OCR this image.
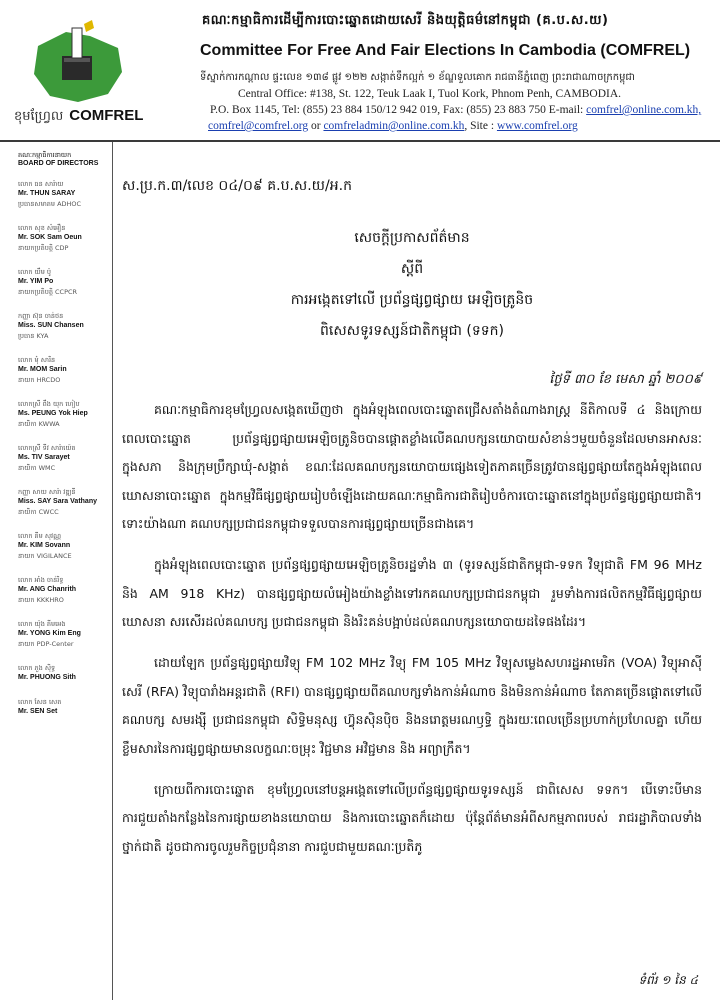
ខុមហ្វ្រែល COMFREL
គណៈកម្មាធិការដើម្បីការបោះឆ្នោតដោយសេរី និងយុត្តិធម៌នៅកម្ពុជា (គ.ប.ស.យ)
Committee For Free And Fair Elections In Cambodia (COMFREL)
ទីស្នាក់ការកណ្តាល ផ្ទះលេខ ១៣៨ ផ្លូវ ១២២ សង្កាត់ទឹកល្អក់ ១ ខ័ណ្ឌទួលគោក រាជធានីភ្នំពេញ ព្រះរាជាណាចក្រកម្ពុជា
Central Office: #138, St. 122, Teuk Laak I, Tuol Kork, Phnom Penh, CAMBODIA.
P.O. Box 1145, Tel: (855) 23 884 150/12 942 019, Fax: (855) 23 883 750 E-mail: comfrel@online.com.kh,
comfrel@comfrel.org or comfreladmin@online.com.kh, Site : www.comfrel.org
គណៈកម្មាធិការនាយក
BOARD OF DIRECTORS
លោក ធន សារ៉ាយ
Mr. THUN SARAY
ប្រធានសមាគម ADHOC
លោក សុខ សំអឿន
Mr. SOK Sam Oeun
នាយកប្រតិបត្តិ CDP
លោក យឹម ប៉ូ
Mr. YIM Po
នាយកប្រតិបត្តិ CCPCR
កញ្ញា ស៊ុន ចាន់ថន
Miss. SUN Chansen
ប្រធាន KYA
លោក មុំ សារិន
Mr. MOM Sarin
នាយក HRCDO
លោកស្រី ពឹង យុក ហៀប
Ms. PEUNG Yok Hiep
នាយិកា KWWA
លោកស្រី ទីវ សារ៉ាយ៉េត
Ms. TIV Sarayet
នាយិកា WMC
កញ្ញា សាយ សារ៉ា វឌ្ឍនី
Miss. SAY Sara Vathany
នាយិកា CWCC
លោក គីម សុវណ្ណ
Mr. KIM Sovann
នាយក VIGILANCE
លោក អាំង ចាន់រិទ្ធ
Mr. ANG Chanrith
នាយក KKKHRO
លោក យ៉ុង គីមអេង
Mr. YONG Kim Eng
នាយក PDP-Center
លោក ភួង ស៊ិទ្ធ
Mr. PHUONG Sith
លោក សែន សេត
Mr. SEN Set
ស.ប្រ.ក.៣/លេខ ០៤/០៩ គ.ប.ស.យ/អ.ក
សេចក្តីប្រកាសព័ត៌មាន
ស្តីពី
ការអង្កេតទៅលើ ប្រព័ន្ធផ្សព្វផ្សាយ អេឡិចត្រូនិច
ពិសេសទូរទស្សន៍ជាតិកម្ពុជា (ទទក)
ថ្ងៃទី ៣០ ខែ មេសា ឆ្នាំ ២០០៩

គណៈកម្មាធិការខុមហ្វ្រែលសង្កេតឃើញថា ក្នុងអំឡុងពេលបោះឆ្នោតជ្រើសតាំងតំណាងរាស្ត្រ នីតិកាលទី ៤ និងក្រោយពេលបោះឆ្នោត ប្រព័ន្ធផ្សព្វផ្សាយអេឡិចត្រូនិចបានផ្តោតខ្លាំងលើគណបក្សនយោបាយសំខាន់ៗមួយចំនួនដែលមានអាសនៈក្នុងសភា និងក្រុមប្រឹក្សាឃុំ-សង្កាត់ ខណៈដែលគណបក្សនយោបាយផ្សេងទៀតភាគច្រើនត្រូវបានផ្សព្វផ្សាយតែក្នុងអំឡុងពេលឃោសនាបោះឆ្នោត ក្នុងកម្មវិធីផ្សព្វផ្សាយរៀបចំឡើងដោយគណៈកម្មាធិការជាតិរៀបចំការបោះឆ្នោតនៅក្នុងប្រព័ន្ធផ្សព្វផ្សាយជាតិ។ ទោះយ៉ាងណា គណបក្សប្រជាជនកម្ពុជាទទួលបានការផ្សព្វផ្សាយច្រើនជាងគេ។

ក្នុងអំឡុងពេលបោះឆ្នោត ប្រព័ន្ធផ្សព្វផ្សាយអេឡិចត្រូនិចរដ្ឋទាំង ៣ (ទូរទស្សន៍ជាតិកម្ពុជា-ទទក វិទ្យុជាតិ FM 96 MHz និង AM 918 KHz) បានផ្សព្វផ្សាយលំអៀងយ៉ាងខ្លាំងទៅរកគណបក្សប្រជាជនកម្ពុជា រួមទាំងការផលិតកម្មវិធីផ្សព្វផ្សាយ ឃោសនា សរសើរដល់គណបក្ស ប្រជាជនកម្ពុជា និងរិះគន់បង្អាប់ដល់គណបក្សនយោបាយដទៃផងដែរ។

ដោយឡែក ប្រព័ន្ធផ្សព្វផ្សាយវិទ្យុ FM 102 MHz វិទ្យុ FM 105 MHz វិទ្យុសម្លេងសហរដ្ឋអាមេរិក (VOA) វិទ្យុអាស៊ីសេរី (RFA) វិទ្យុបារាំងអន្តរជាតិ (RFI) បានផ្សព្វផ្សាយពីគណបក្សទាំងកាន់អំណាច និងមិនកាន់អំណាច តែភាគច្រើនផ្តោតទៅលើគណបក្ស សមរង្ស៊ី ប្រជាជនកម្ពុជា សិទ្ធិមនុស្ស ហ៊្វុនស៊ិនប៉ិច និងនរោត្តមរណឫទ្ធិ ក្នុងរយៈពេលច្រើនប្រហាក់ប្រហែលគ្នា ហើយខ្លឹមសារនៃការផ្សព្វផ្សាយមានលក្ខណៈចម្រុះ វិជ្ជមាន អវិជ្ជមាន និង អព្យាក្រឹត។

ក្រោយពីការបោះឆ្នោត ខុមហ្វ្រែលនៅបន្តអង្កេតទៅលើប្រព័ន្ធផ្សព្វផ្សាយទូរទស្សន៍ ជាពិសេស ទទក។ បើទោះបីមានការជួយតាំងកន្លែងនៃការផ្សាយខាងនយោបាយ និងការបោះឆ្នោតក៏ដោយ ប៉ុន្តែព័ត៌មានអំពីសកម្មភាពរបស់ រាជរដ្ឋាភិបាលទាំងថ្នាក់ជាតិ ដូចជាការចូលរួមកិច្ចប្រជុំនានា ការជួបជាមួយគណៈប្រតិភូ

ទំព័រ ១ នៃ ៤
